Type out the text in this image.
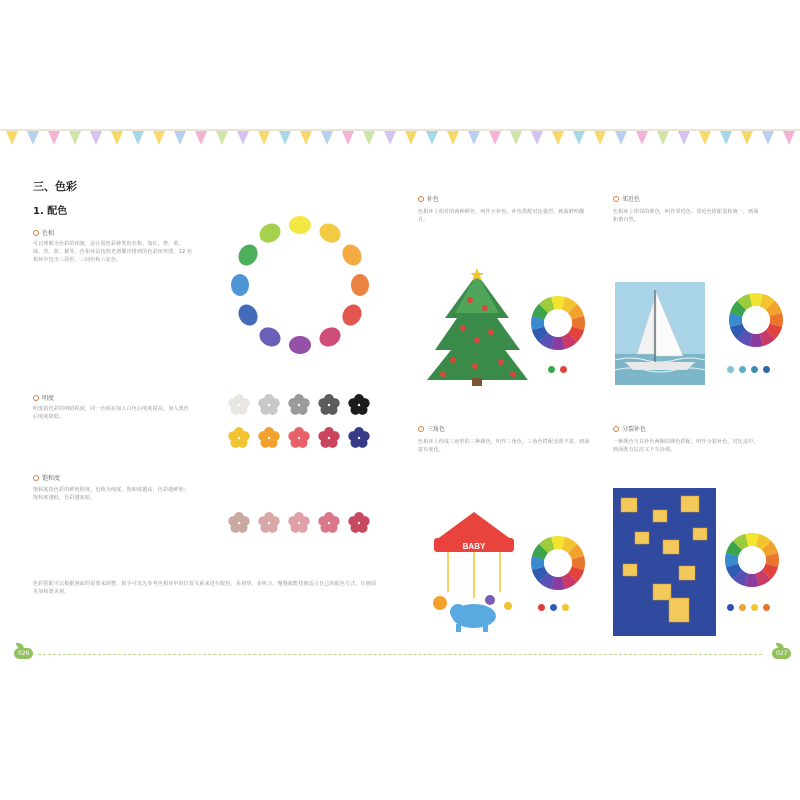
三、色彩
1. 配色
色相
可以理解为色彩的相貌，是区别色彩种类的名称，如红、橙、黄、绿、青、蓝、紫等。色相环是按照光谱顺序排列的色彩环形图，12 色相环中包含三原色、三间色和六复色。
明度
明度指色彩的明暗程度，同一色相在加入白色后明度提高，加入黑色后明度降低。
饱和度
饱和度指色彩的鲜艳程度，也称为纯度。饱和度越高，色彩越鲜艳；饱和度越低，色彩越灰暗。
色彩搭配可以根据画面的需要来调整，新手可以先参考色相环中的位置关系来进行配色，多观察、多练习，慢慢就能找到适合自己的配色方式，让画面更加和谐美观。
补色
色相环上相对的两种颜色，叫作互补色。补色搭配对比强烈，画面鲜明醒目。
邻近色
色相环上相邻的颜色，叫作邻近色。邻近色搭配柔和统一，画面和谐自然。
三角色
色相环上构成三角形的三种颜色，叫作三角色。三角色搭配活泼丰富，画面富有变化。
BABY
分裂补色
一种颜色与其补色两侧的颜色搭配，叫作分裂补色。对比适中，画面既有层次又不失协调。
026	027
